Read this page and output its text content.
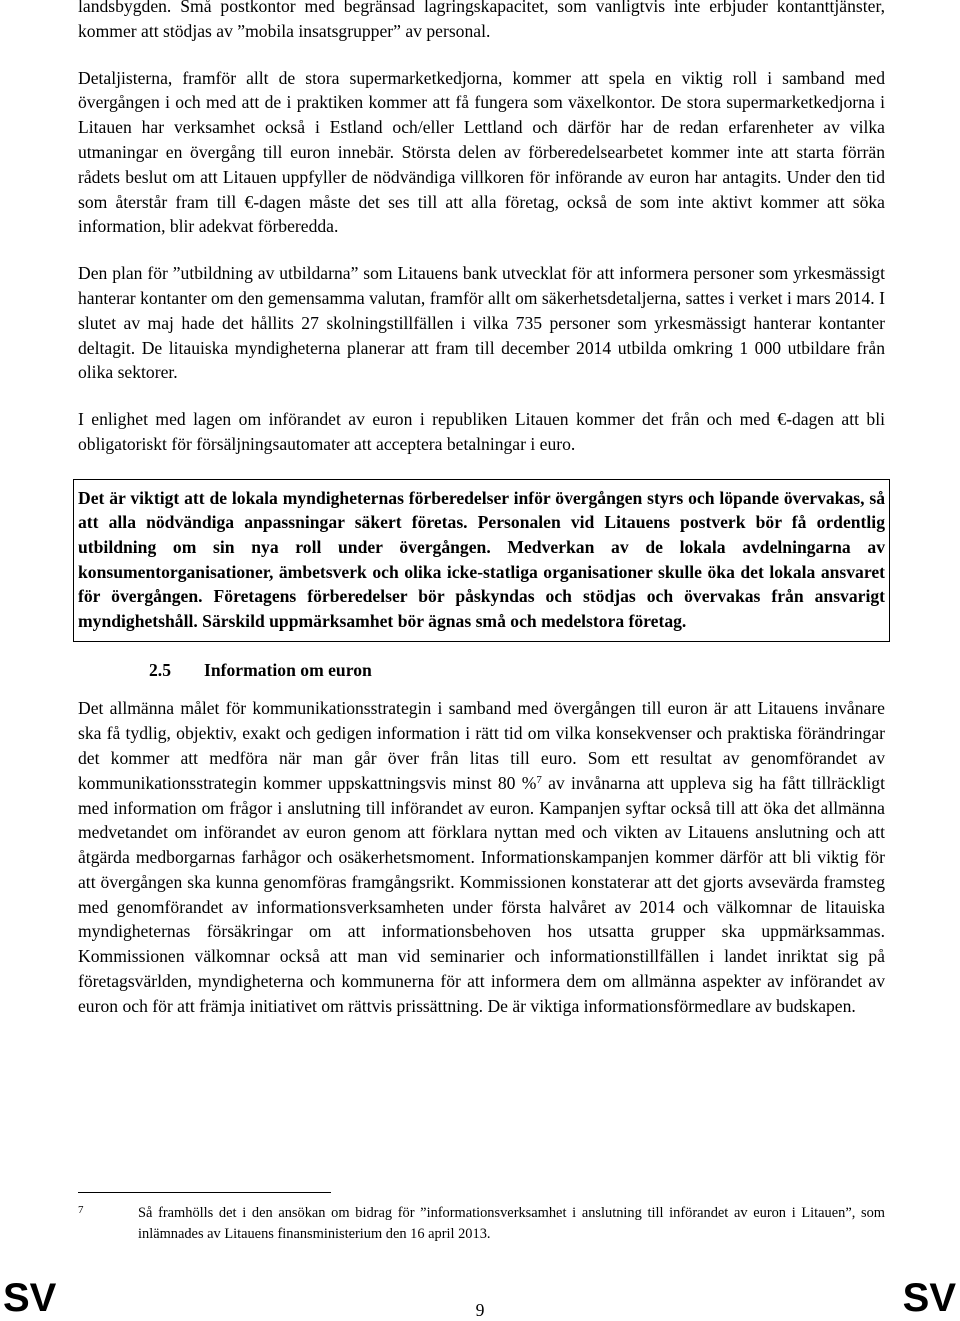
landsbygden. Små postkontor med begränsad lagringskapacitet, som vanligtvis inte erbjuder kontanttjänster, kommer att stödjas av ”mobila insatsgrupper” av personal.

Detaljisterna, framför allt de stora supermarketkedjorna, kommer att spela en viktig roll i samband med övergången i och med att de i praktiken kommer att få fungera som växelkontor. De stora supermarketkedjorna i Litauen har verksamhet också i Estland och/eller Lettland och därför har de redan erfarenheter av vilka utmaningar en övergång till euron innebär. Största delen av förberedelsearbetet kommer inte att starta förrän rådets beslut om att Litauen uppfyller de nödvändiga villkoren för införande av euron har antagits. Under den tid som återstår fram till €-dagen måste det ses till att alla företag, också de som inte aktivt kommer att söka information, blir adekvat förberedda.

Den plan för ”utbildning av utbildarna” som Litauens bank utvecklat för att informera personer som yrkesmässigt hanterar kontanter om den gemensamma valutan, framför allt om säkerhetsdetaljerna, sattes i verket i mars 2014. I slutet av maj hade det hållits 27 skolningstillfällen i vilka 735 personer som yrkesmässigt hanterar kontanter deltagit. De litauiska myndigheterna planerar att fram till december 2014 utbilda omkring 1 000 utbildare från olika sektorer.

I enlighet med lagen om införandet av euron i republiken Litauen kommer det från och med €-dagen att bli obligatoriskt för försäljningsautomater att acceptera betalningar i euro.

Det är viktigt att de lokala myndigheternas förberedelser inför övergången styrs och löpande övervakas, så att alla nödvändiga anpassningar säkert företas. Personalen vid Litauens postverk bör få ordentlig utbildning om sin nya roll under övergången. Medverkan av de lokala avdelningarna av konsumentorganisationer, ämbetsverk och olika icke-statliga organisationer skulle öka det lokala ansvaret för övergången. Företagens förberedelser bör påskyndas och stödjas och övervakas från ansvarigt myndighetshåll. Särskild uppmärksamhet bör ägnas små och medelstora företag.
2.5 Information om euron

Det allmänna målet för kommunikationsstrategin i samband med övergången till euron är att Litauens invånare ska få tydlig, objektiv, exakt och gedigen information i rätt tid om vilka konsekvenser och praktiska förändringar det kommer att medföra när man går över från litas till euro. Som ett resultat av genomförandet av kommunikationsstrategin kommer uppskattningsvis minst 80 %$^7$ av invånarna att uppleva sig ha fått tillräckligt med information om frågor i anslutning till införandet av euron. Kampanjen syftar också till att öka det allmänna medvetandet om införandet av euron genom att förklara nyttan med och vikten av Litauens anslutning och att åtgärda medborgarnas farhågor och osäkerhetsmoment. Informationskampanjen kommer därför att bli viktig för att övergången ska kunna genomföras framgångsrikt. Kommissionen konstaterar att det gjorts avsevärda framsteg med genomförandet av informationsverksamheten under första halvåret av 2014 och välkomnar de litauiska myndigheternas försäkringar om att informationsbehoven hos utsatta grupper ska uppmärksammas. Kommissionen välkomnar också att man vid seminarier och informationstillfällen i landet inriktat sig på företagsvärlden, myndigheterna och kommunerna för att informera dem om allmänna aspekter av införandet av euron och för att främja initiativet om rättvis prissättning. De är viktiga informationsförmedlare av budskapen.

7	Så framhölls det i den ansökan om bidrag för ”informationsverksamhet i anslutning till införandet av euron i Litauen”, som inlämnades av Litauens finansministerium den 16 april 2013.
SV	9	SV
